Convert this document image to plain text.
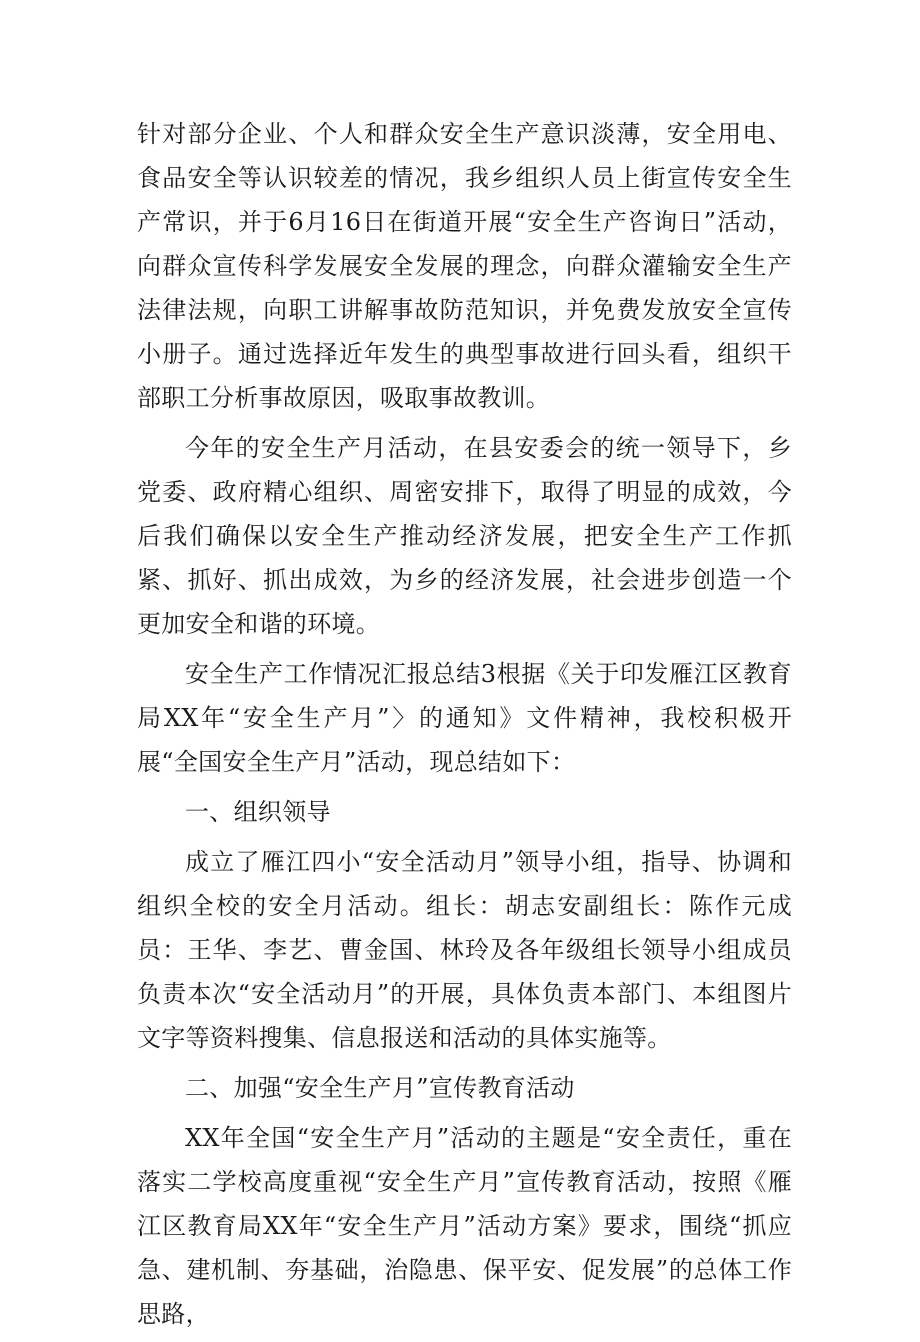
针对部分企业、个人和群众安全生产意识淡薄，安全用电、食品安全等认识较差的情况，我乡组织人员上街宣传安全生产常识，并于6月16日在街道开展“安全生产咨询日”活动，向群众宣传科学发展安全发展的理念，向群众灌输安全生产法律法规，向职工讲解事故防范知识，并免费发放安全宣传小册子。通过选择近年发生的典型事故进行回头看，组织干部职工分析事故原因，吸取事故教训。

今年的安全生产月活动，在县安委会的统一领导下，乡党委、政府精心组织、周密安排下，取得了明显的成效，今后我们确保以安全生产推动经济发展，把安全生产工作抓紧、抓好、抓出成效，为乡的经济发展，社会进步创造一个更加安全和谐的环境。

安全生产工作情况汇报总结3根据《关于印发雁江区教育局XX年“安全生产月”〉的通知》文件精神，我校积极开展“全国安全生产月”活动，现总结如下：

一、组织领导

成立了雁江四小“安全活动月”领导小组，指导、协调和组织全校的安全月活动。组长：胡志安副组长：陈作元成员：王华、李艺、曹金国、林玲及各年级组长领导小组成员负责本次“安全活动月”的开展，具体负责本部门、本组图片文字等资料搜集、信息报送和活动的具体实施等。

二、加强“安全生产月”宣传教育活动

XX年全国“安全生产月”活动的主题是“安全责任，重在落实二学校高度重视“安全生产月”宣传教育活动，按照《雁江区教育局XX年“安全生产月”活动方案》要求，围绕“抓应急、建机制、夯基础，治隐患、保平安、促发展”的总体工作思路，
